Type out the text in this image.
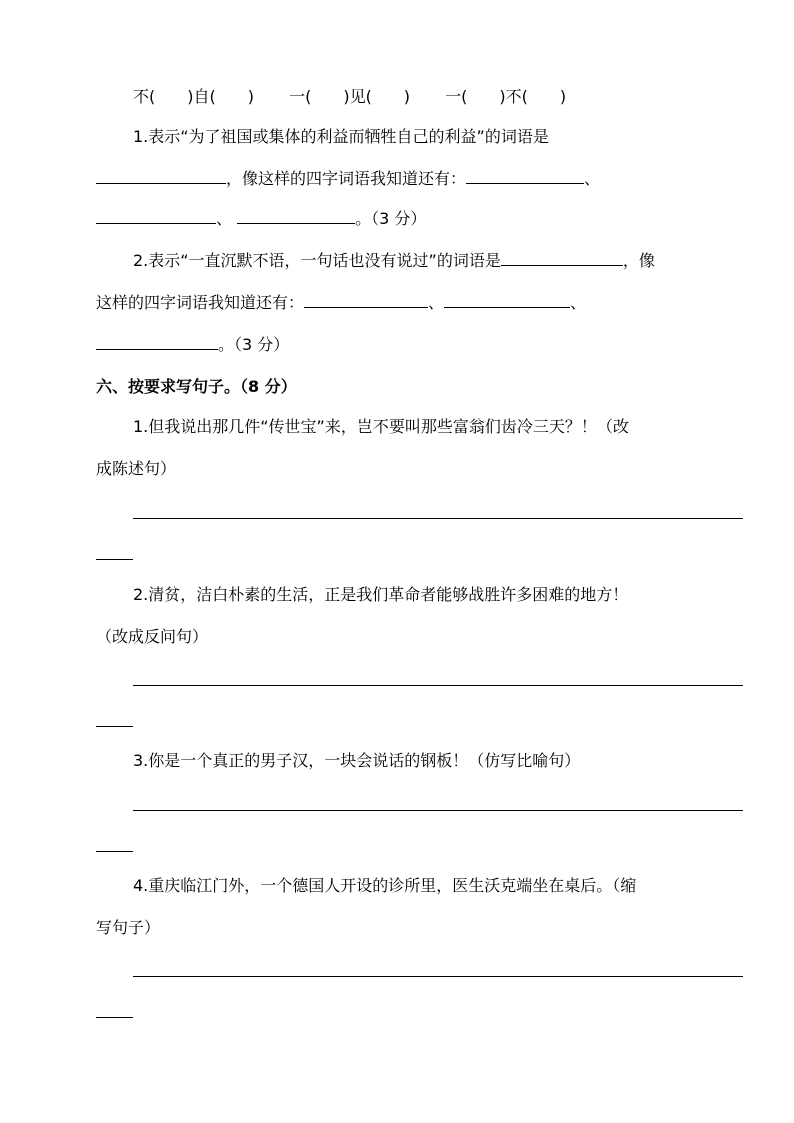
不(　　)自(　　) 一(　　)见(　　) 一(　　)不(　　)
1.表示“为了祖国或集体的利益而牺牲自己的利益”的词语是
，像这样的四字词语我知道还有：	、
、	。（3 分）
2.表示“一直沉默不语，一句话也没有说过”的词语是	，像
这样的四字词语我知道还有：	、	、
。（3 分）
六、按要求写句子。（8 分）
1.但我说出那几件“传世宝”来，岂不要叫那些富翁们齿冷三天？！（改
成陈述句）
2.清贫，洁白朴素的生活，正是我们革命者能够战胜许多困难的地方！
（改成反问句）
3.你是一个真正的男子汉，一块会说话的钢板！（仿写比喻句）
4.重庆临江门外，一个德国人开设的诊所里，医生沃克端坐在桌后。（缩
写句子）
